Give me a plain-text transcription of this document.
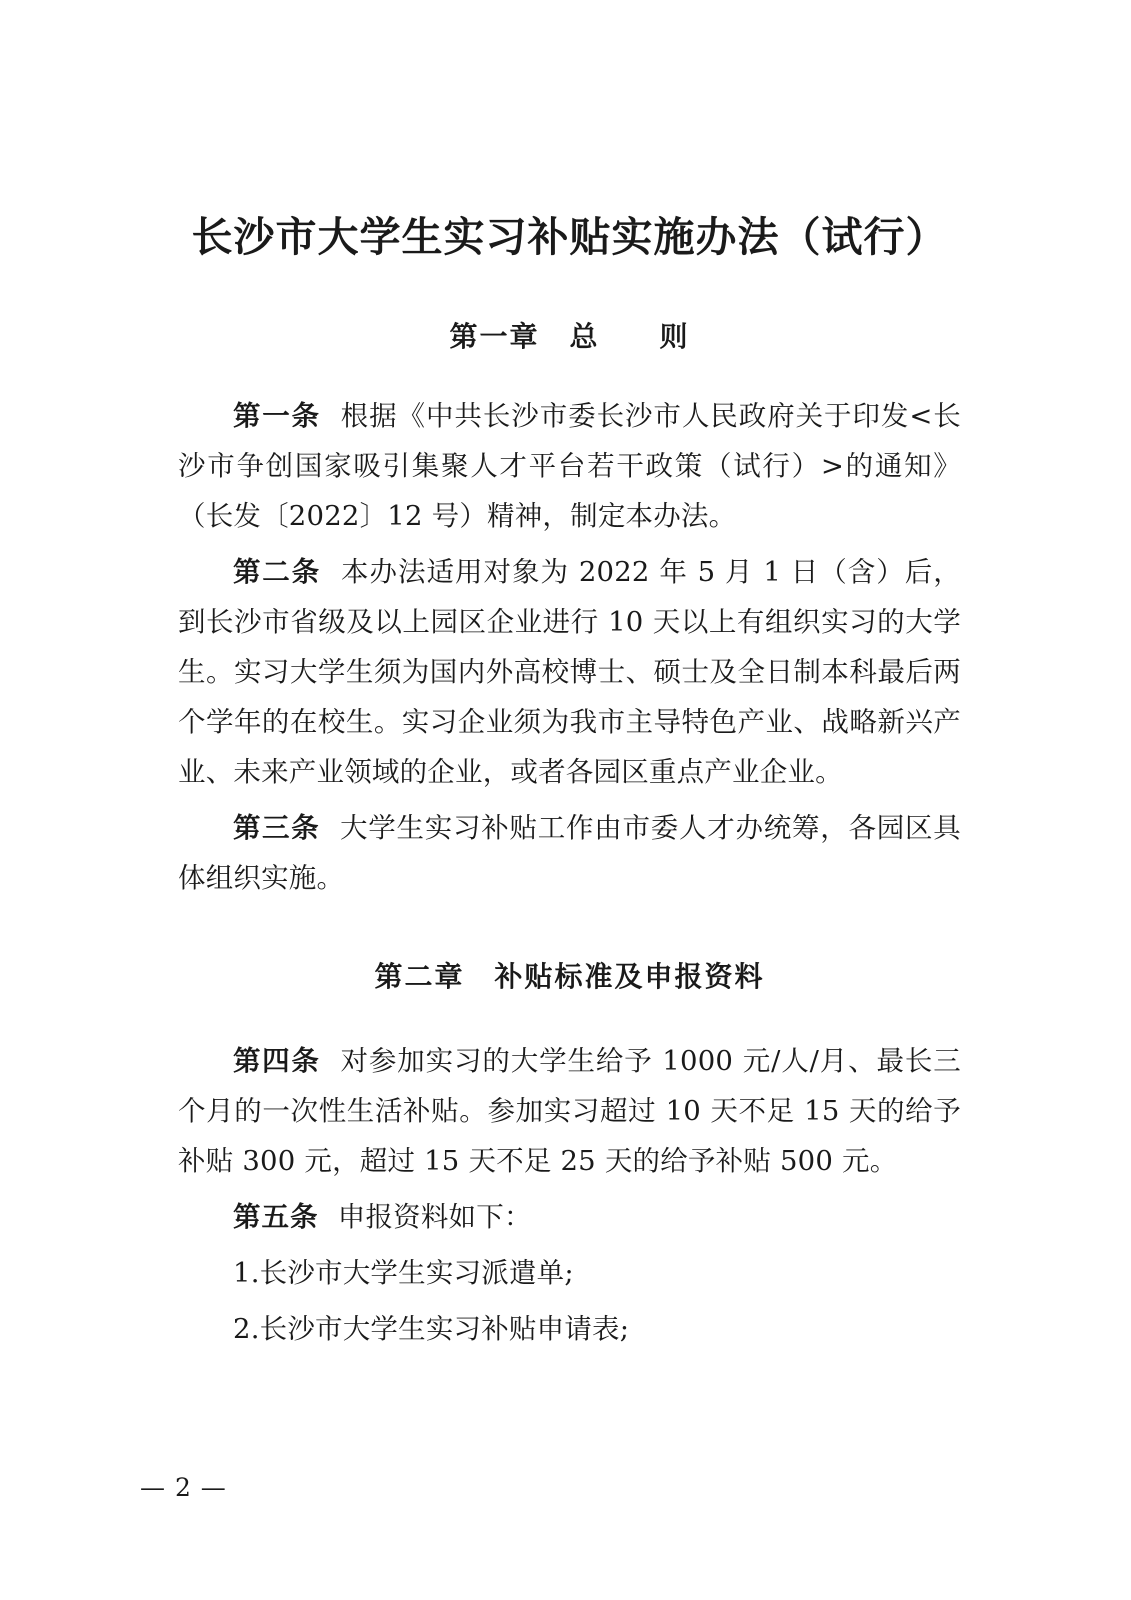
长沙市大学生实习补贴实施办法（试行）
第一章　总　　则

第一条 根据《中共长沙市委长沙市人民政府关于印发<长沙市争创国家吸引集聚人才平台若干政策（试行）>的通知》（长发〔2022〕12 号）精神，制定本办法。

第二条 本办法适用对象为 2022 年 5 月 1 日（含）后，到长沙市省级及以上园区企业进行 10 天以上有组织实习的大学生。实习大学生须为国内外高校博士、硕士及全日制本科最后两个学年的在校生。实习企业须为我市主导特色产业、战略新兴产业、未来产业领域的企业，或者各园区重点产业企业。

第三条 大学生实习补贴工作由市委人才办统筹，各园区具体组织实施。

第二章　补贴标准及申报资料

第四条 对参加实习的大学生给予 1000 元/人/月、最长三个月的一次性生活补贴。参加实习超过 10 天不足 15 天的给予补贴 300 元，超过 15 天不足 25 天的给予补贴 500 元。

第五条 申报资料如下：

1.长沙市大学生实习派遣单;

2.长沙市大学生实习补贴申请表;

— 2 —
